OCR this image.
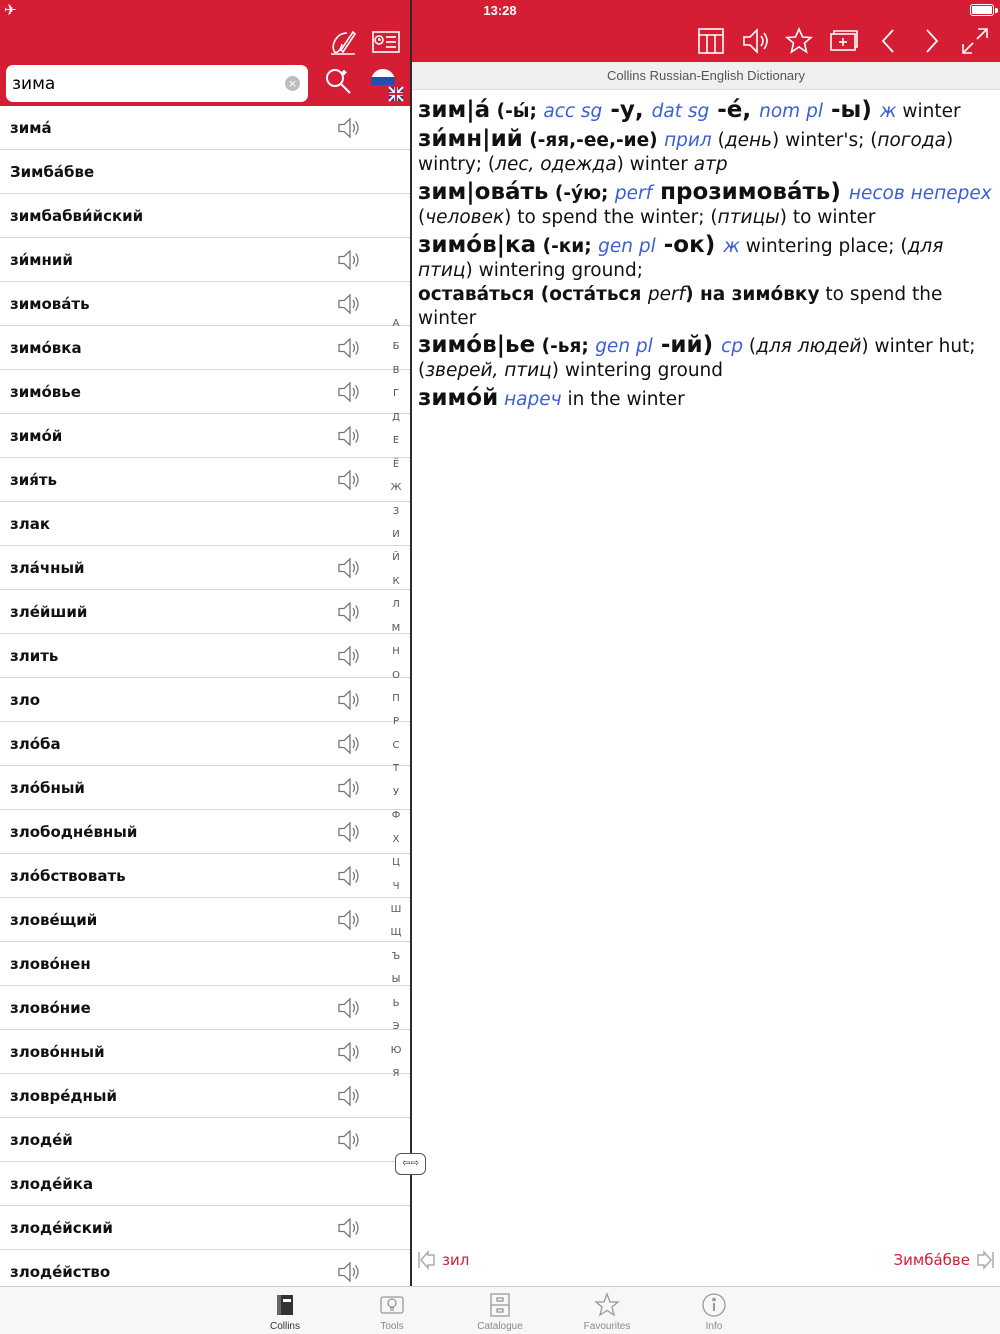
✈	13:28
зима
×
зима́
Зимба́бве
зимбабви́йский
зи́мний
зимова́ть
зимо́вка
зимо́вье
зимо́й
зия́ть
злак
зла́чный
зле́йший
злить
зло
зло́ба
зло́бный
злободне́вный
зло́бствовать
злове́щий
зловóнен
зловóние
зловóнный
зловре́дный
злоде́й
злоде́йка
злоде́йский
злоде́йство
А
Б
В
Г
Д
Е
Ё
Ж
З
И
Й
К
Л
М
Н
О
П
Р
С
Т
У
Ф
Х
Ц
Ч
Ш
Щ
Ъ
Ы
Ь
Э
Ю
Я
⇦⇨
Collins Russian-English Dictionary

зим|а́ (-ы́; acc sg -у, dat sg -е́, nom pl -ы) ж winter

зи́мн|ий (-яя,-ее,-ие) прил (день) winter's; (погода) wintry; (лес, одежда) winter атр

зим|ова́ть (-у́ю; perf прозимова́ть) несов неперех (человек) to spend the winter; (птицы) to winter

зимо́в|ка (-ки; gen pl -ок) ж wintering place; (для птиц) wintering ground;

остава́ться (оста́ться perf) на зимо́вку to spend the winter

зимо́в|ье (-ья; gen pl -ий) ср (для людей) winter hut; (зверей, птиц) wintering ground

зимо́й нареч in the winter

зил	Зимба́бве
Collins	Tools	Catalogue	Favourites	Info
